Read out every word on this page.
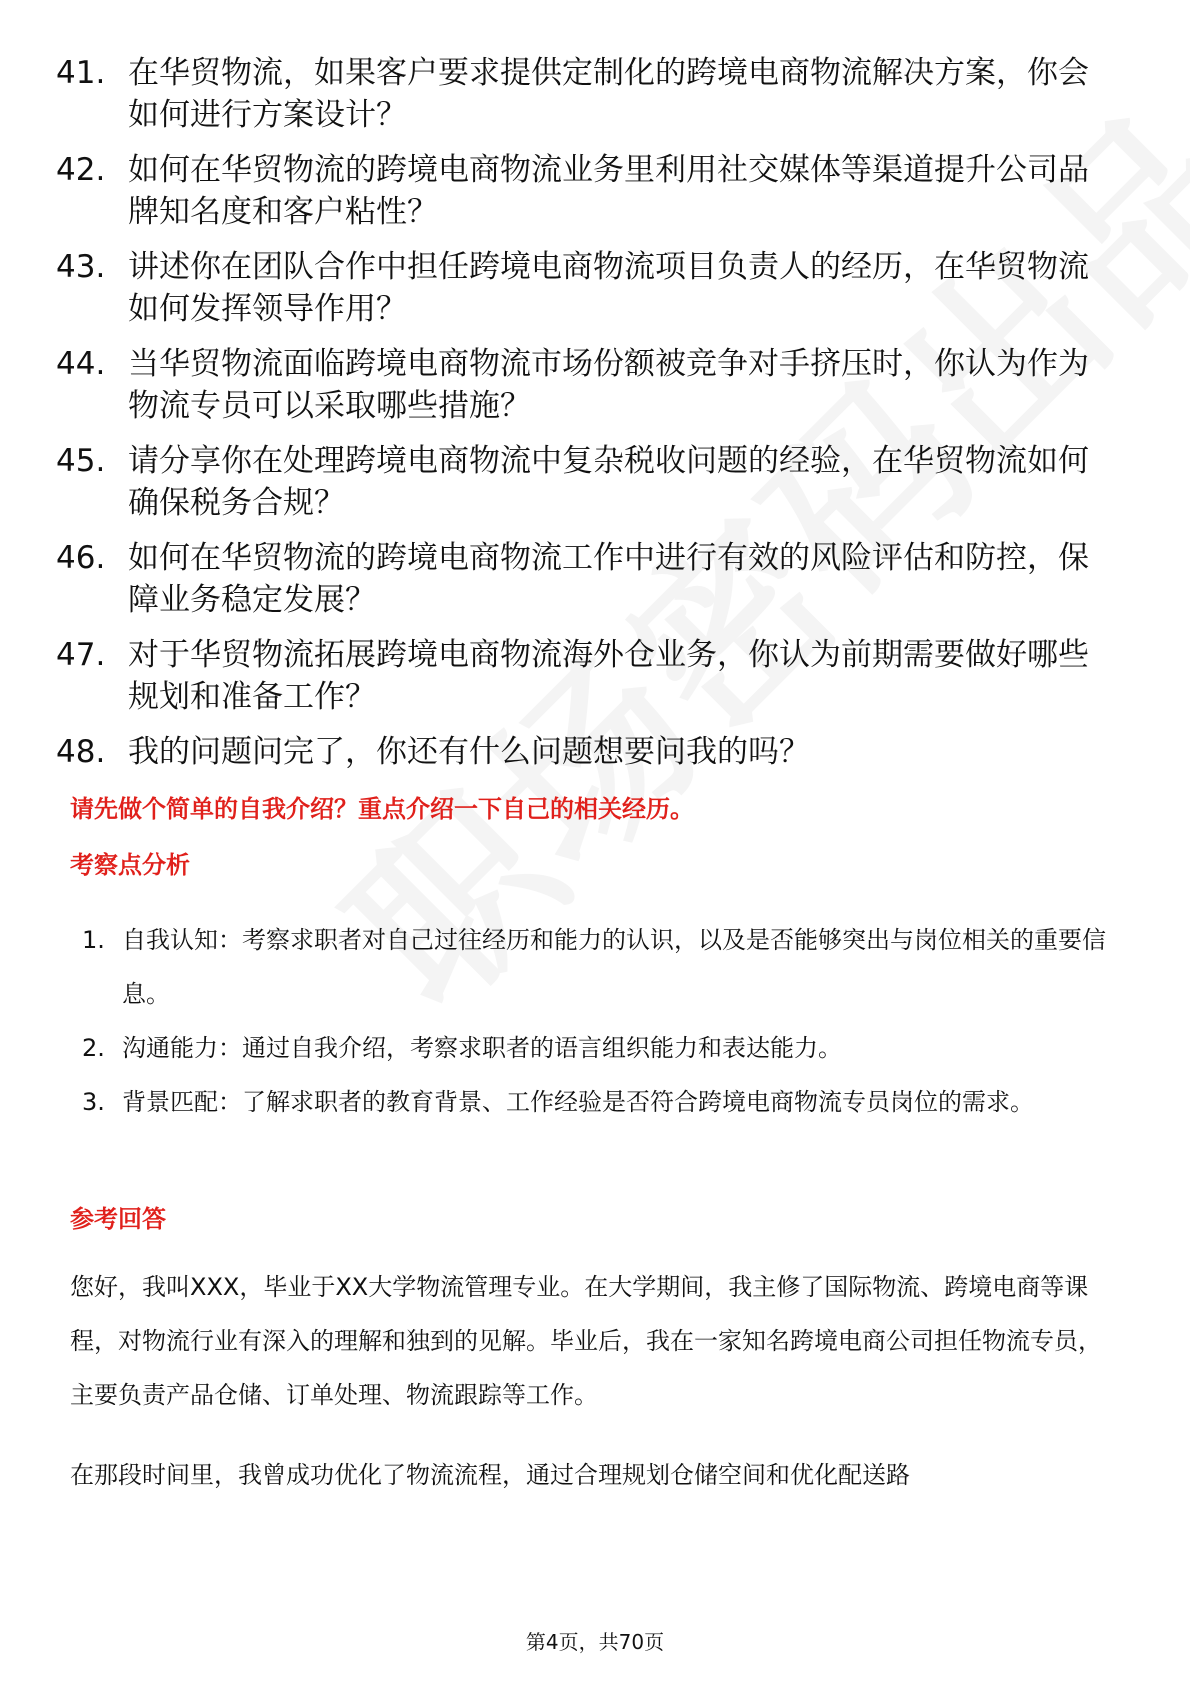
41. 在华贸物流，如果客户要求提供定制化的跨境电商物流解决方案，你会如何进行方案设计？
42. 如何在华贸物流的跨境电商物流业务里利用社交媒体等渠道提升公司品牌知名度和客户粘性？
43. 讲述你在团队合作中担任跨境电商物流项目负责人的经历，在华贸物流如何发挥领导作用？
44. 当华贸物流面临跨境电商物流市场份额被竞争对手挤压时，你认为作为物流专员可以采取哪些措施？
45. 请分享你在处理跨境电商物流中复杂税收问题的经验，在华贸物流如何确保税务合规？
46. 如何在华贸物流的跨境电商物流工作中进行有效的风险评估和防控，保障业务稳定发展？
47. 对于华贸物流拓展跨境电商物流海外仓业务，你认为前期需要做好哪些规划和准备工作？
48. 我的问题问完了，你还有什么问题想要问我的吗？
请先做个简单的自我介绍？重点介绍一下自己的相关经历。
考察点分析
1. 自我认知：考察求职者对自己过往经历和能力的认识，以及是否能够突出与岗位相关的重要信息。
2. 沟通能力：通过自我介绍，考察求职者的语言组织能力和表达能力。
3. 背景匹配：了解求职者的教育背景、工作经验是否符合跨境电商物流专员岗位的需求。
参考回答

您好，我叫XXX，毕业于XX大学物流管理专业。在大学期间，我主修了国际物流、跨境电商等课程，对物流行业有深入的理解和独到的见解。毕业后，我在一家知名跨境电商公司担任物流专员，主要负责产品仓储、订单处理、物流跟踪等工作。

在那段时间里，我曾成功优化了物流流程，通过合理规划仓储空间和优化配送路

第4页，共70页
